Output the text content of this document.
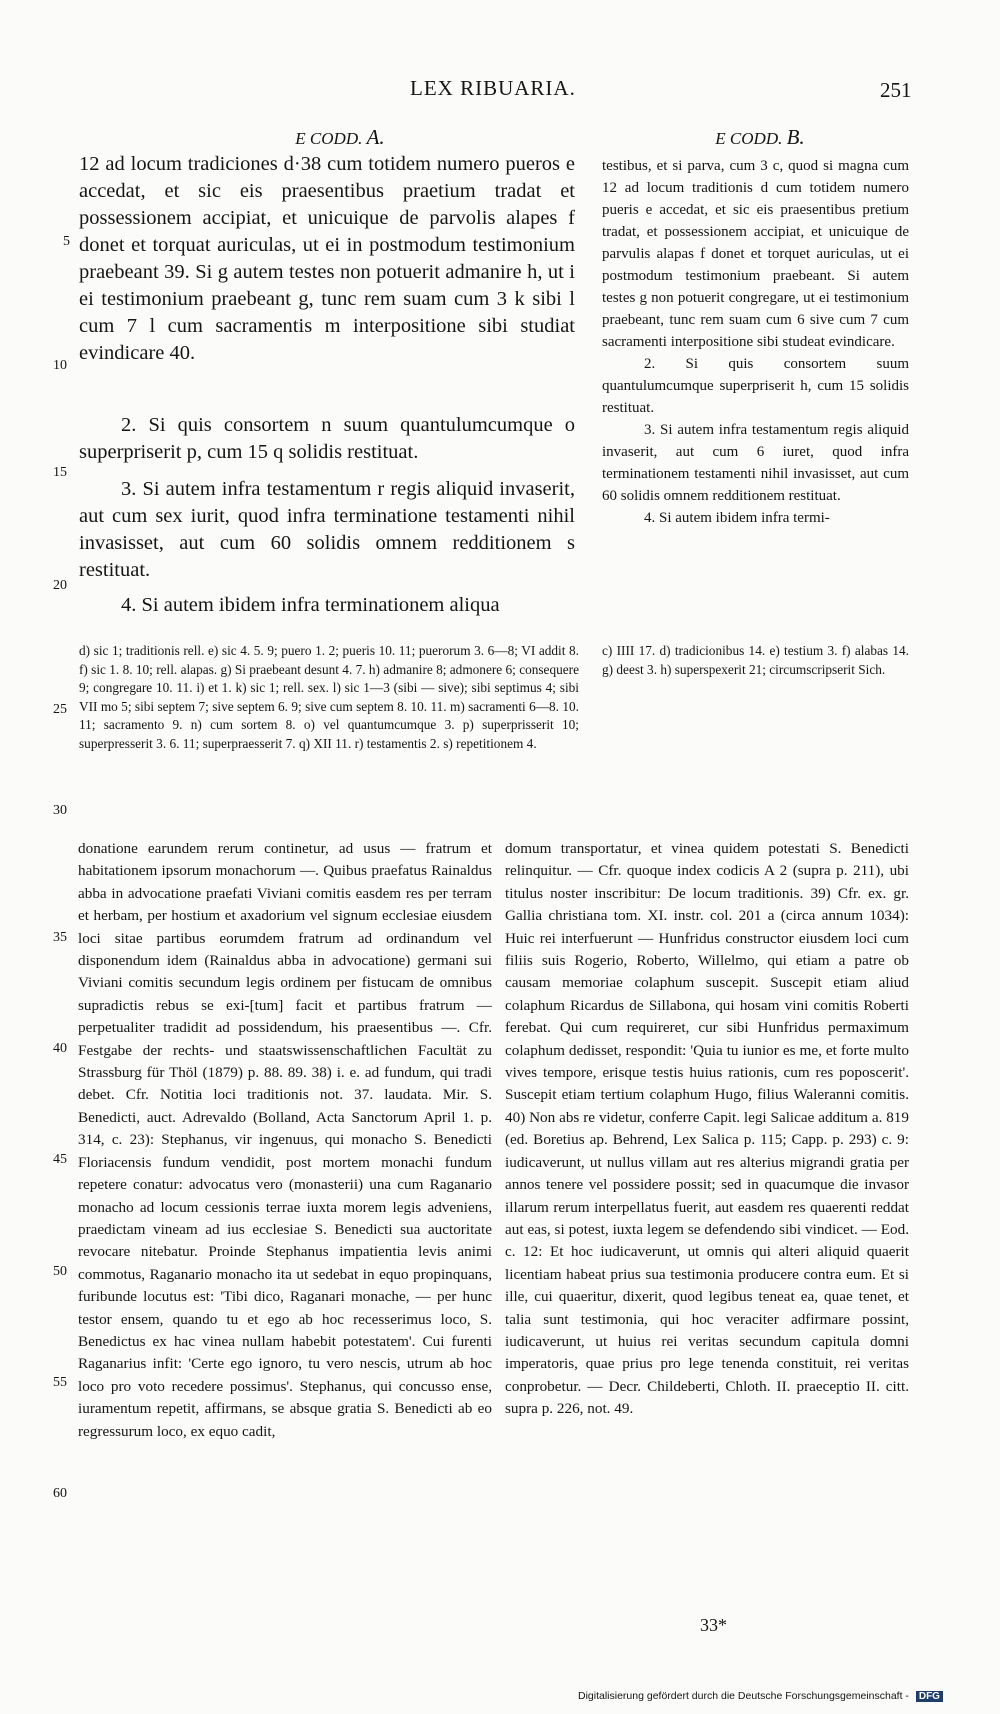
LEX RIBUARIA.	251
E CODD. A.	E CODD. B.

12 ad locum tradiciones d·38 cum totidem numero pueros e accedat, et sic eis praesentibus praetium tradat et possessionem accipiat, et unicuique de parvolis alapes f donet et torquat auriculas, ut ei in postmodum testimonium praebeant 39. Si g autem testes non potuerit admanire h, ut i ei testimonium praebeant g, tunc rem suam cum 3 k sibi l cum 7 l cum sacramentis m interpositione sibi studiat evindicare 40.

2. Si quis consortem n suum quantulumcumque o superpriserit p, cum 15 q solidis restituat.

3. Si autem infra testamentum r regis aliquid invaserit, aut cum sex iurit, quod infra terminatione testamenti nihil invasisset, aut cum 60 solidis omnem redditionem s restituat.

4. Si autem ibidem infra terminationem aliqua

testibus, et si parva, cum 3 c, quod si magna cum 12 ad locum traditionis d cum totidem numero pueris e accedat, et sic eis praesentibus pretium tradat, et possessionem accipiat, et unicuique de parvulis alapas f donet et torquet auriculas, ut ei postmodum testimonium praebeant. Si autem testes g non potuerit congregare, ut ei testimonium praebeant, tunc rem suam cum 6 sive cum 7 cum sacramenti interpositione sibi studeat evindicare.

2. Si quis consortem suum quantulumcumque superpriserit h, cum 15 solidis restituat.

3. Si autem infra testamentum regis aliquid invaserit, aut cum 6 iuret, quod infra terminationem testamenti nihil invasisset, aut cum 60 solidis omnem redditionem restituat.

4. Si autem ibidem infra termi-

5
10
15
20
25
30
35
40
45
50
55
60
d) sic 1; traditionis rell. e) sic 4. 5. 9; puero 1. 2; pueris 10. 11; puerorum 3. 6—8; VI addit 8. f) sic 1. 8. 10; rell. alapas. g) Si praebeant desunt 4. 7. h) admanire 8; admonere 6; consequere 9; congregare 10. 11. i) et 1. k) sic 1; rell. sex. l) sic 1—3 (sibi — sive); sibi septimus 4; sibi VII mo 5; sibi septem 7; sive septem 6. 9; sive cum septem 8. 10. 11. m) sacramenti 6—8. 10. 11; sacramento 9. n) cum sortem 8. o) vel quantumcumque 3. p) superprisserit 10; superpresserit 3. 6. 11; superpraesserit 7. q) XII 11. r) testamentis 2. s) repetitionem 4.
c) IIII 17. d) tradicionibus 14. e) testium 3. f) alabas 14. g) deest 3. h) superspexerit 21; circumscripserit Sich.

donatione earundem rerum continetur, ad usus — fratrum et habitationem ipsorum monachorum —. Quibus praefatus Rainaldus abba in advocatione praefati Viviani comitis easdem res per terram et herbam, per hostium et axadorium vel signum ecclesiae eiusdem loci sitae partibus eorumdem fratrum ad ordinandum vel disponendum idem (Rainaldus abba in advocatione) germani sui Viviani comitis secundum legis ordinem per fistucam de omnibus supradictis rebus se exi-[tum] facit et partibus fratrum — perpetualiter tradidit ad possidendum, his praesentibus —. Cfr. Festgabe der rechts- und staatswissenschaftlichen Facultät zu Strassburg für Thöl (1879) p. 88. 89. 38) i. e. ad fundum, qui tradi debet. Cfr. Notitia loci traditionis not. 37. laudata. Mir. S. Benedicti, auct. Adrevaldo (Bolland, Acta Sanctorum April 1. p. 314, c. 23): Stephanus, vir ingenuus, qui monacho S. Benedicti Floriacensis fundum vendidit, post mortem monachi fundum repetere conatur: advocatus vero (monasterii) una cum Raganario monacho ad locum cessionis terrae iuxta morem legis adveniens, praedictam vineam ad ius ecclesiae S. Benedicti sua auctoritate revocare nitebatur. Proinde Stephanus impatientia levis animi commotus, Raganario monacho ita ut sedebat in equo propinquans, furibunde locutus est: 'Tibi dico, Raganari monache, — per hunc testor ensem, quando tu et ego ab hoc recesserimus loco, S. Benedictus ex hac vinea nullam habebit potestatem'. Cui furenti Raganarius infit: 'Certe ego ignoro, tu vero nescis, utrum ab hoc loco pro voto recedere possimus'. Stephanus, qui concusso ense, iuramentum repetit, affirmans, se absque gratia S. Benedicti ab eo regressurum loco, ex equo cadit,

domum transportatur, et vinea quidem potestati S. Benedicti relinquitur. — Cfr. quoque index codicis A 2 (supra p. 211), ubi titulus noster inscribitur: De locum traditionis. 39) Cfr. ex. gr. Gallia christiana tom. XI. instr. col. 201 a (circa annum 1034): Huic rei interfuerunt — Hunfridus constructor eiusdem loci cum filiis suis Rogerio, Roberto, Willelmo, qui etiam a patre ob causam memoriae colaphum suscepit. Suscepit etiam aliud colaphum Ricardus de Sillabona, qui hosam vini comitis Roberti ferebat. Qui cum requireret, cur sibi Hunfridus permaximum colaphum dedisset, respondit: 'Quia tu iunior es me, et forte multo vives tempore, erisque testis huius rationis, cum res poposcerit'. Suscepit etiam tertium colaphum Hugo, filius Waleranni comitis. 40) Non abs re videtur, conferre Capit. legi Salicae additum a. 819 (ed. Boretius ap. Behrend, Lex Salica p. 115; Capp. p. 293) c. 9: iudicaverunt, ut nullus villam aut res alterius migrandi gratia per annos tenere vel possidere possit; sed in quacumque die invasor illarum rerum interpellatus fuerit, aut easdem res quaerenti reddat aut eas, si potest, iuxta legem se defendendo sibi vindicet. — Eod. c. 12: Et hoc iudicaverunt, ut omnis qui alteri aliquid quaerit licentiam habeat prius sua testimonia producere contra eum. Et si ille, cui quaeritur, dixerit, quod legibus teneat ea, quae tenet, et talia sunt testimonia, qui hoc veraciter adfirmare possint, iudicaverunt, ut huius rei veritas secundum capitula domni imperatoris, quae prius pro lege tenenda constituit, rei veritas conprobetur. — Decr. Childeberti, Chloth. II. praeceptio II. citt. supra p. 226, not. 49.

33*
Digitalisierung gefördert durch die Deutsche Forschungsgemeinschaft - DFG
